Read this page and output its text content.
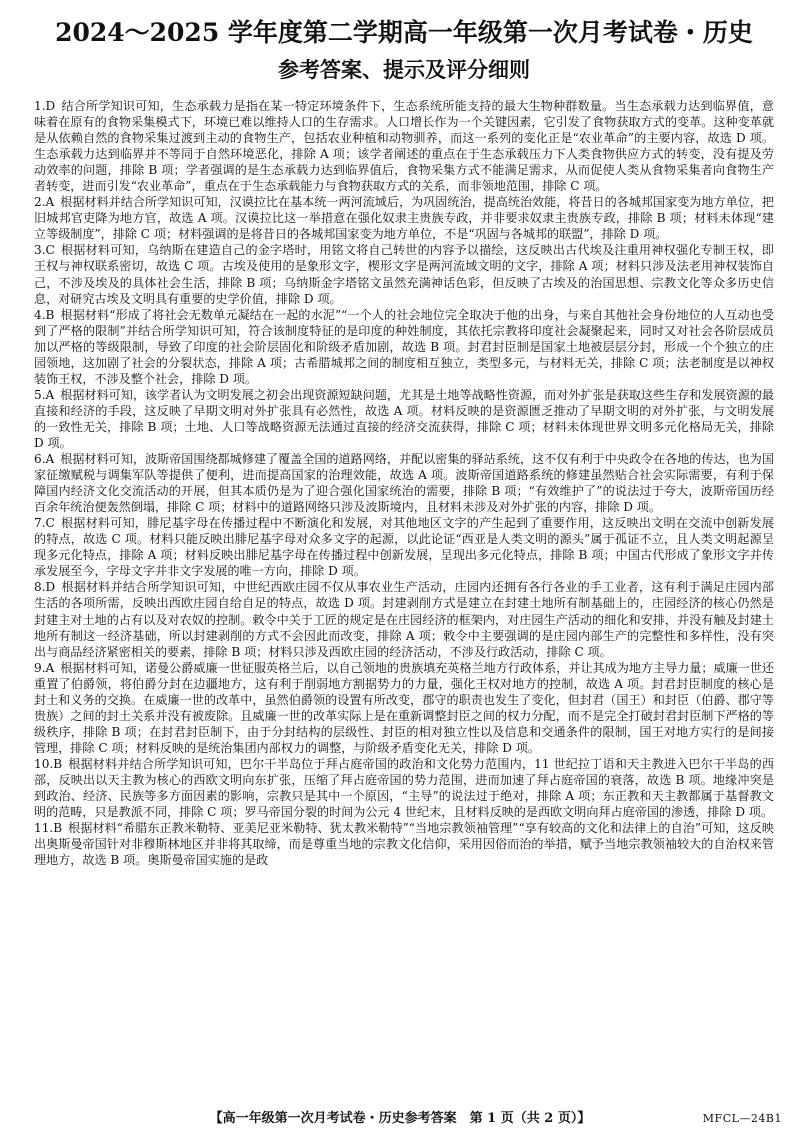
2024～2025 学年度第二学期高一年级第一次月考试卷・历史
参考答案、提示及评分细则

1.D 结合所学知识可知，生态承载力是指在某一特定环境条件下，生态系统所能支持的最大生物种群数量。当生态承载力达到临界值，意味着在原有的食物采集模式下，环境已难以维持人口的生存需求。人口增长作为一个关键因素，它引发了食物获取方式的变革。这种变革就是从依赖自然的食物采集过渡到主动的食物生产，包括农业种植和动物驯养，而这一系列的变化正是“农业革命”的主要内容，故选 D 项。生态承载力达到临界并不等同于自然环境恶化，排除 A 项；该学者阐述的重点在于生态承载压力下人类食物供应方式的转变，没有提及劳动效率的问题，排除 B 项；学者强调的是生态承载力达到临界值后，食物采集方式不能满足需求，从而促使人类从食物采集者向食物生产者转变，进而引发“农业革命”，重点在于生态承载能力与食物获取方式的关系，而非领地范围，排除 C 项。

2.A 根据材料并结合所学知识可知，汉谟拉比在基本统一两河流域后，为巩固统治，提高统治效能，将昔日的各城邦国家变为地方单位，把旧城邦官吏降为地方官，故选 A 项。汉谟拉比这一举措意在强化奴隶主贵族专政，并非要求奴隶主贵族专政，排除 B 项；材料未体现“建立等级制度”，排除 C 项；材料强调的是将昔日的各城邦国家变为地方单位，不是“巩固与各城邦的联盟”，排除 D 项。

3.C 根据材料可知，乌纳斯在建造自己的金字塔时，用铭文将自己转世的内容予以描绘，这反映出古代埃及注重用神权强化专制王权，即王权与神权联系密切，故选 C 项。古埃及使用的是象形文字，楔形文字是两河流域文明的文字，排除 A 项；材料只涉及法老用神权装饰自己，不涉及埃及的具体社会生活，排除 B 项；乌纳斯金字塔铭文虽然充满神话色彩，但反映了古埃及的治国思想、宗教文化等众多历史信息，对研究古埃及文明具有重要的史学价值，排除 D 项。

4.B 根据材料“形成了将社会无数单元凝结在一起的水泥”“一个人的社会地位完全取决于他的出身，与来自其他社会身份地位的人互动也受到了严格的限制”并结合所学知识可知，符合该制度特征的是印度的种姓制度，其依托宗教将印度社会凝聚起来，同时又对社会各阶层成员加以严格的等级限制，导致了印度的社会阶层固化和阶级矛盾加剧，故选 B 项。封君封臣制是国家土地被层层分封，形成一个个独立的庄园领地，这加剧了社会的分裂状态，排除 A 项；古希腊城邦之间的制度相互独立，类型多元，与材料无关，排除 C 项；法老制度是以神权装饰王权，不涉及整个社会，排除 D 项。

5.A 根据材料可知，该学者认为文明发展之初会出现资源短缺问题，尤其是土地等战略性资源，而对外扩张是获取这些生存和发展资源的最直接和经济的手段，这反映了早期文明对外扩张具有必然性，故选 A 项。材料反映的是资源匮乏推动了早期文明的对外扩张，与文明发展的一致性无关，排除 B 项；土地、人口等战略资源无法通过直接的经济交流获得，排除 C 项；材料未体现世界文明多元化格局无关，排除 D 项。

6.A 根据材料可知，波斯帝国围绕都城修建了覆盖全国的道路网络，并配以密集的驿站系统，这不仅有利于中央政令在各地的传达，也为国家征缴赋税与调集军队等提供了便利，进而提高国家的治理效能，故选 A 项。波斯帝国道路系统的修建虽然贴合社会实际需要，有利于保障国内经济文化交流活动的开展，但其本质仍是为了迎合强化国家统治的需要，排除 B 项；“有效维护了”的说法过于夸大，波斯帝国历经百余年统治便轰然倒塌，排除 C 项；材料中的道路网络只涉及波斯境内，且材料未涉及对外扩张的内容，排除 D 项。

7.C 根据材料可知，腓尼基字母在传播过程中不断演化和发展，对其他地区文字的产生起到了重要作用，这反映出文明在交流中创新发展的特点，故选 C 项。材料只能反映出腓尼基字母对众多文字的起源，以此论证“西亚是人类文明的源头”属于孤证不立，且人类文明起源呈现多元化特点，排除 A 项；材料反映出腓尼基字母在传播过程中创新发展，呈现出多元化特点，排除 B 项；中国古代形成了象形文字并传承发展至今，字母文字并非文字发展的唯一方向，排除 D 项。

8.D 根据材料并结合所学知识可知，中世纪西欧庄园不仅从事农业生产活动，庄园内还拥有各行各业的手工业者，这有利于满足庄园内部生活的各项所需，反映出西欧庄园自给自足的特点，故选 D 项。封建剥削方式是建立在封建土地所有制基础上的，庄园经济的核心仍然是封建主对土地的占有以及对农奴的控制。敕令中关于工匠的规定是在庄园经济的框架内，对庄园生产活动的细化和安排，并没有触及封建土地所有制这一经济基础，所以封建剥削的方式不会因此而改变，排除 A 项；敕令中主要强调的是庄园内部生产的完整性和多样性，没有突出与商品经济紧密相关的要素，排除 B 项；材料只涉及西欧庄园的经济活动，不涉及行政活动，排除 C 项。

9.A 根据材料可知，诺曼公爵威廉一世征服英格兰后，以自己领地的贵族填充英格兰地方行政体系，并让其成为地方主导力量；威廉一世还重置了伯爵领，将伯爵分封在边疆地方，这有利于削弱地方割据势力的力量，强化王权对地方的控制，故选 A 项。封君封臣制度的核心是封土和义务的交换。在威廉一世的改革中，虽然伯爵领的设置有所改变，郡守的职责也发生了变化，但封君（国王）和封臣（伯爵、郡守等贵族）之间的封土关系并没有被废除。且威廉一世的改革实际上是在重新调整封臣之间的权力分配，而不是完全打破封君封臣制下严格的等级秩序，排除 B 项；在封君封臣制下，由于分封结构的层级性、封臣的相对独立性以及信息和交通条件的限制，国王对地方实行的是间接管理，排除 C 项；材料反映的是统治集团内部权力的调整，与阶级矛盾变化无关，排除 D 项。

10.B 根据材料并结合所学知识可知，巴尔干半岛位于拜占庭帝国的政治和文化势力范围内，11 世纪拉丁语和天主教进入巴尔干半岛的西部，反映出以天主教为核心的西欧文明向东扩张，压缩了拜占庭帝国的势力范围，进而加速了拜占庭帝国的衰落，故选 B 项。地缘冲突是到政治、经济、民族等多方面因素的影响，宗教只是其中一个原因，“主导”的说法过于绝对，排除 A 项；东正教和天主教都属于基督教文明的范畴，只是教派不同，排除 C 项；罗马帝国分裂的时间为公元 4 世纪末，且材料反映的是西欧文明向拜占庭帝国的渗透，排除 D 项。

11.B 根据材料“希腊东正教米勒特、亚美尼亚米勒特、犹太教米勒特”“当地宗教领袖管理”“享有较高的文化和法律上的自治”可知，这反映出奥斯曼帝国针对非穆斯林地区并非将其取缔，而是尊重当地的宗教文化信仰，采用因俗而治的举措，赋予当地宗教领袖较大的自治权来管理地方，故选 B 项。奥斯曼帝国实施的是政

【高一年级第一次月考试卷・历史参考答案　第 1 页（共 2 页）】	MFCL—24B1
